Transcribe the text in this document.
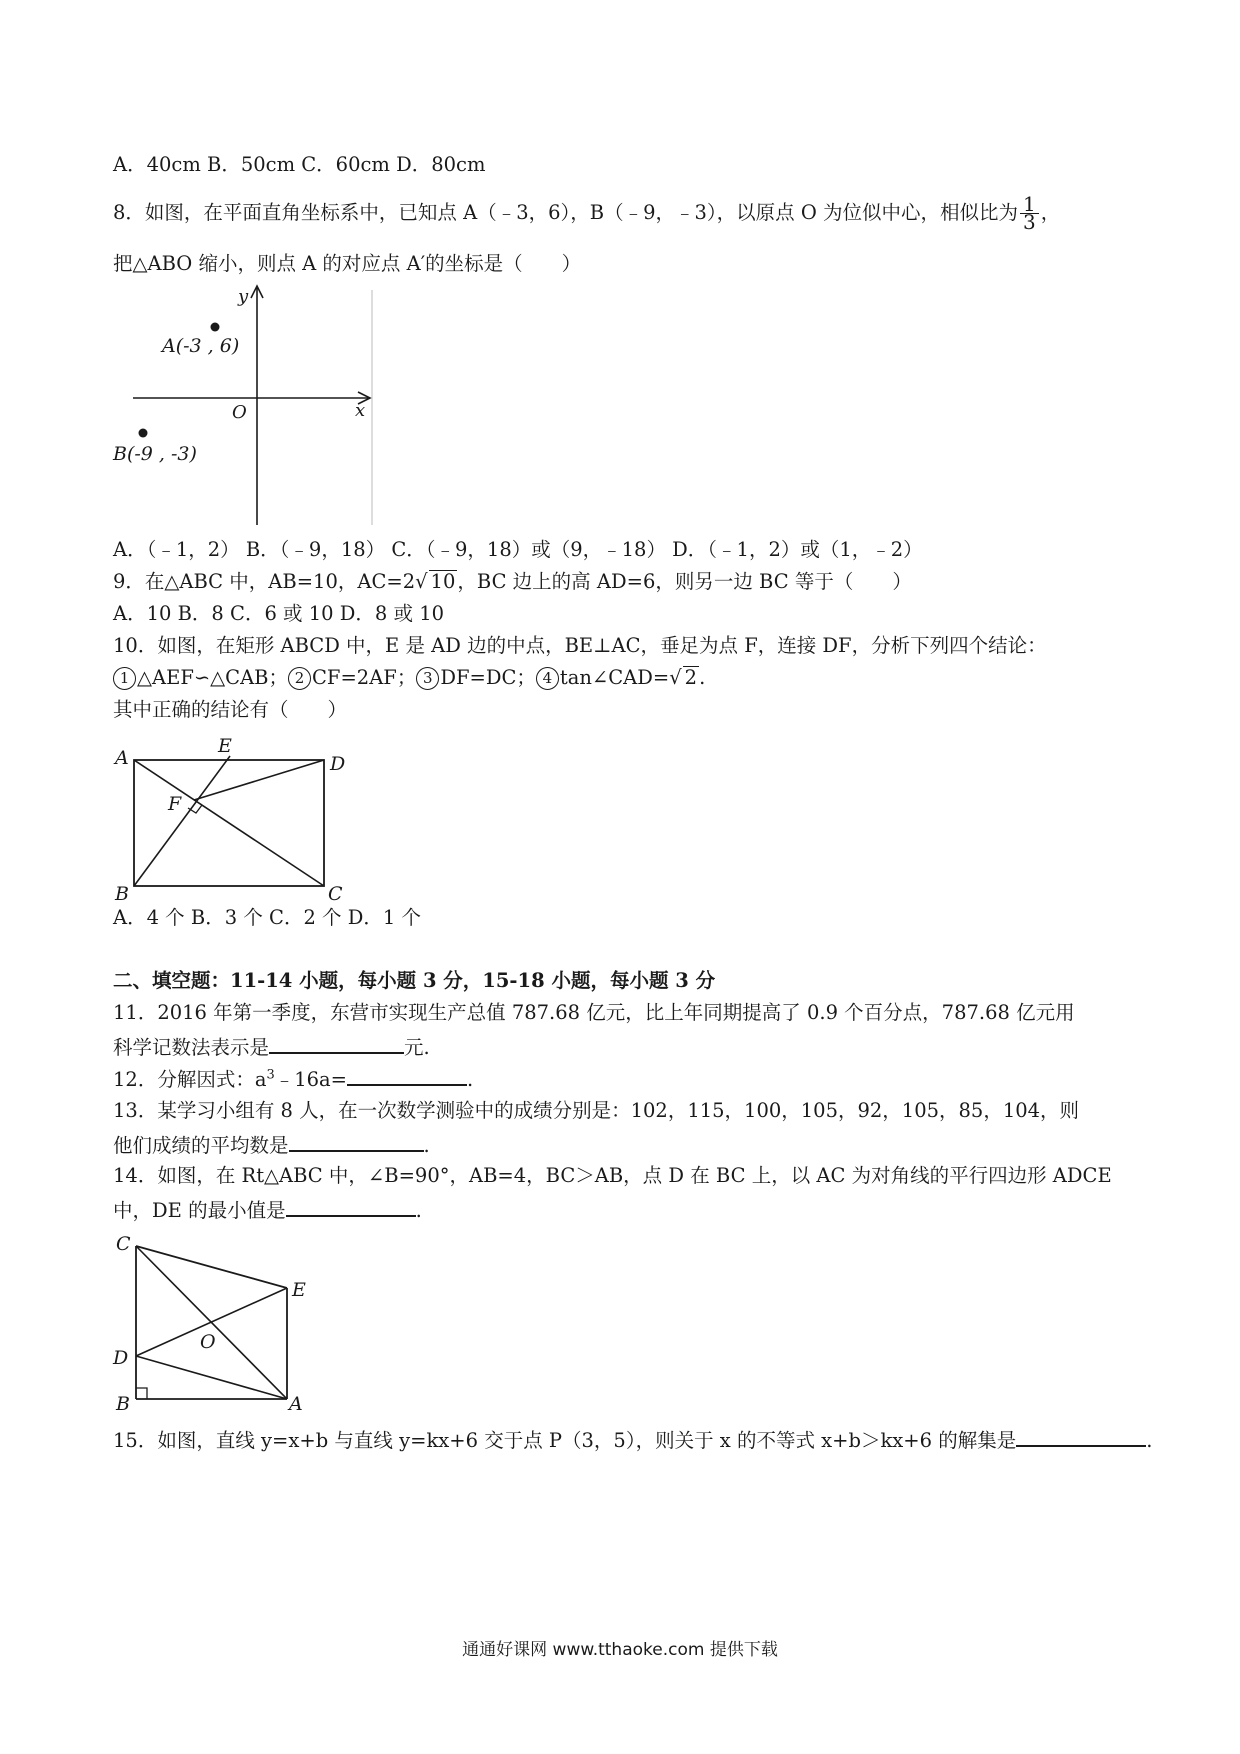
A．40cm B．50cm C．60cm D．80cm
8．如图，在平面直角坐标系中，已知点 A（﹣3，6），B（﹣9，﹣3），以原点 O 为位似中心，相似比为 $\frac{1}{3}$ ，
把△ABO 缩小，则点 A 的对应点 A′的坐标是（　　）
y
x
O
A(-3 , 6)
B(-9 , -3)
A．（﹣1，2） B．（﹣9，18） C．（﹣9，18）或（9，﹣18） D．（﹣1，2）或（1，﹣2）
9．在△ABC 中，AB=10，AC=2√ 10 ，BC 边上的高 AD=6，则另一边 BC 等于（　　）
A．10 B．8 C．6 或 10 D．8 或 10
10．如图，在矩形 ABCD 中，E 是 AD 边的中点，BE⊥AC，垂足为点 F，连接 DF，分析下列四个结论：
1 △AEF∽△CAB； 2 CF=2AF； 3 DF=DC； 4 tan∠CAD=√ 2 .
其中正确的结论有（　　）
A
E
D
F
B	C
A．4 个 B．3 个 C．2 个 D．1 个
二、填空题：11-14 小题，每小题 3 分，15-18 小题，每小题 3 分
11．2016 年第一季度，东营市实现生产总值 787.68 亿元，比上年同期提高了 0.9 个百分点，787.68 亿元用
科学记数法表示是	元.
12．分解因式：$a^3﹣16a=$	.
13．某学习小组有 8 人，在一次数学测验中的成绩分别是：102，115，100，105，92，105，85，104，则
他们成绩的平均数是	.
14．如图，在 Rt△ABC 中，∠B=90°，AB=4，BC＞AB，点 D 在 BC 上，以 AC 为对角线的平行四边形 ADCE
中，DE 的最小值是	.
C
E
D
O
B	A
15．如图，直线 y=x+b 与直线 y=kx+6 交于点 P（3，5），则关于 x 的不等式 x+b＞kx+6 的解集是	.
通通好课网 www.tthaoke.com 提供下载
